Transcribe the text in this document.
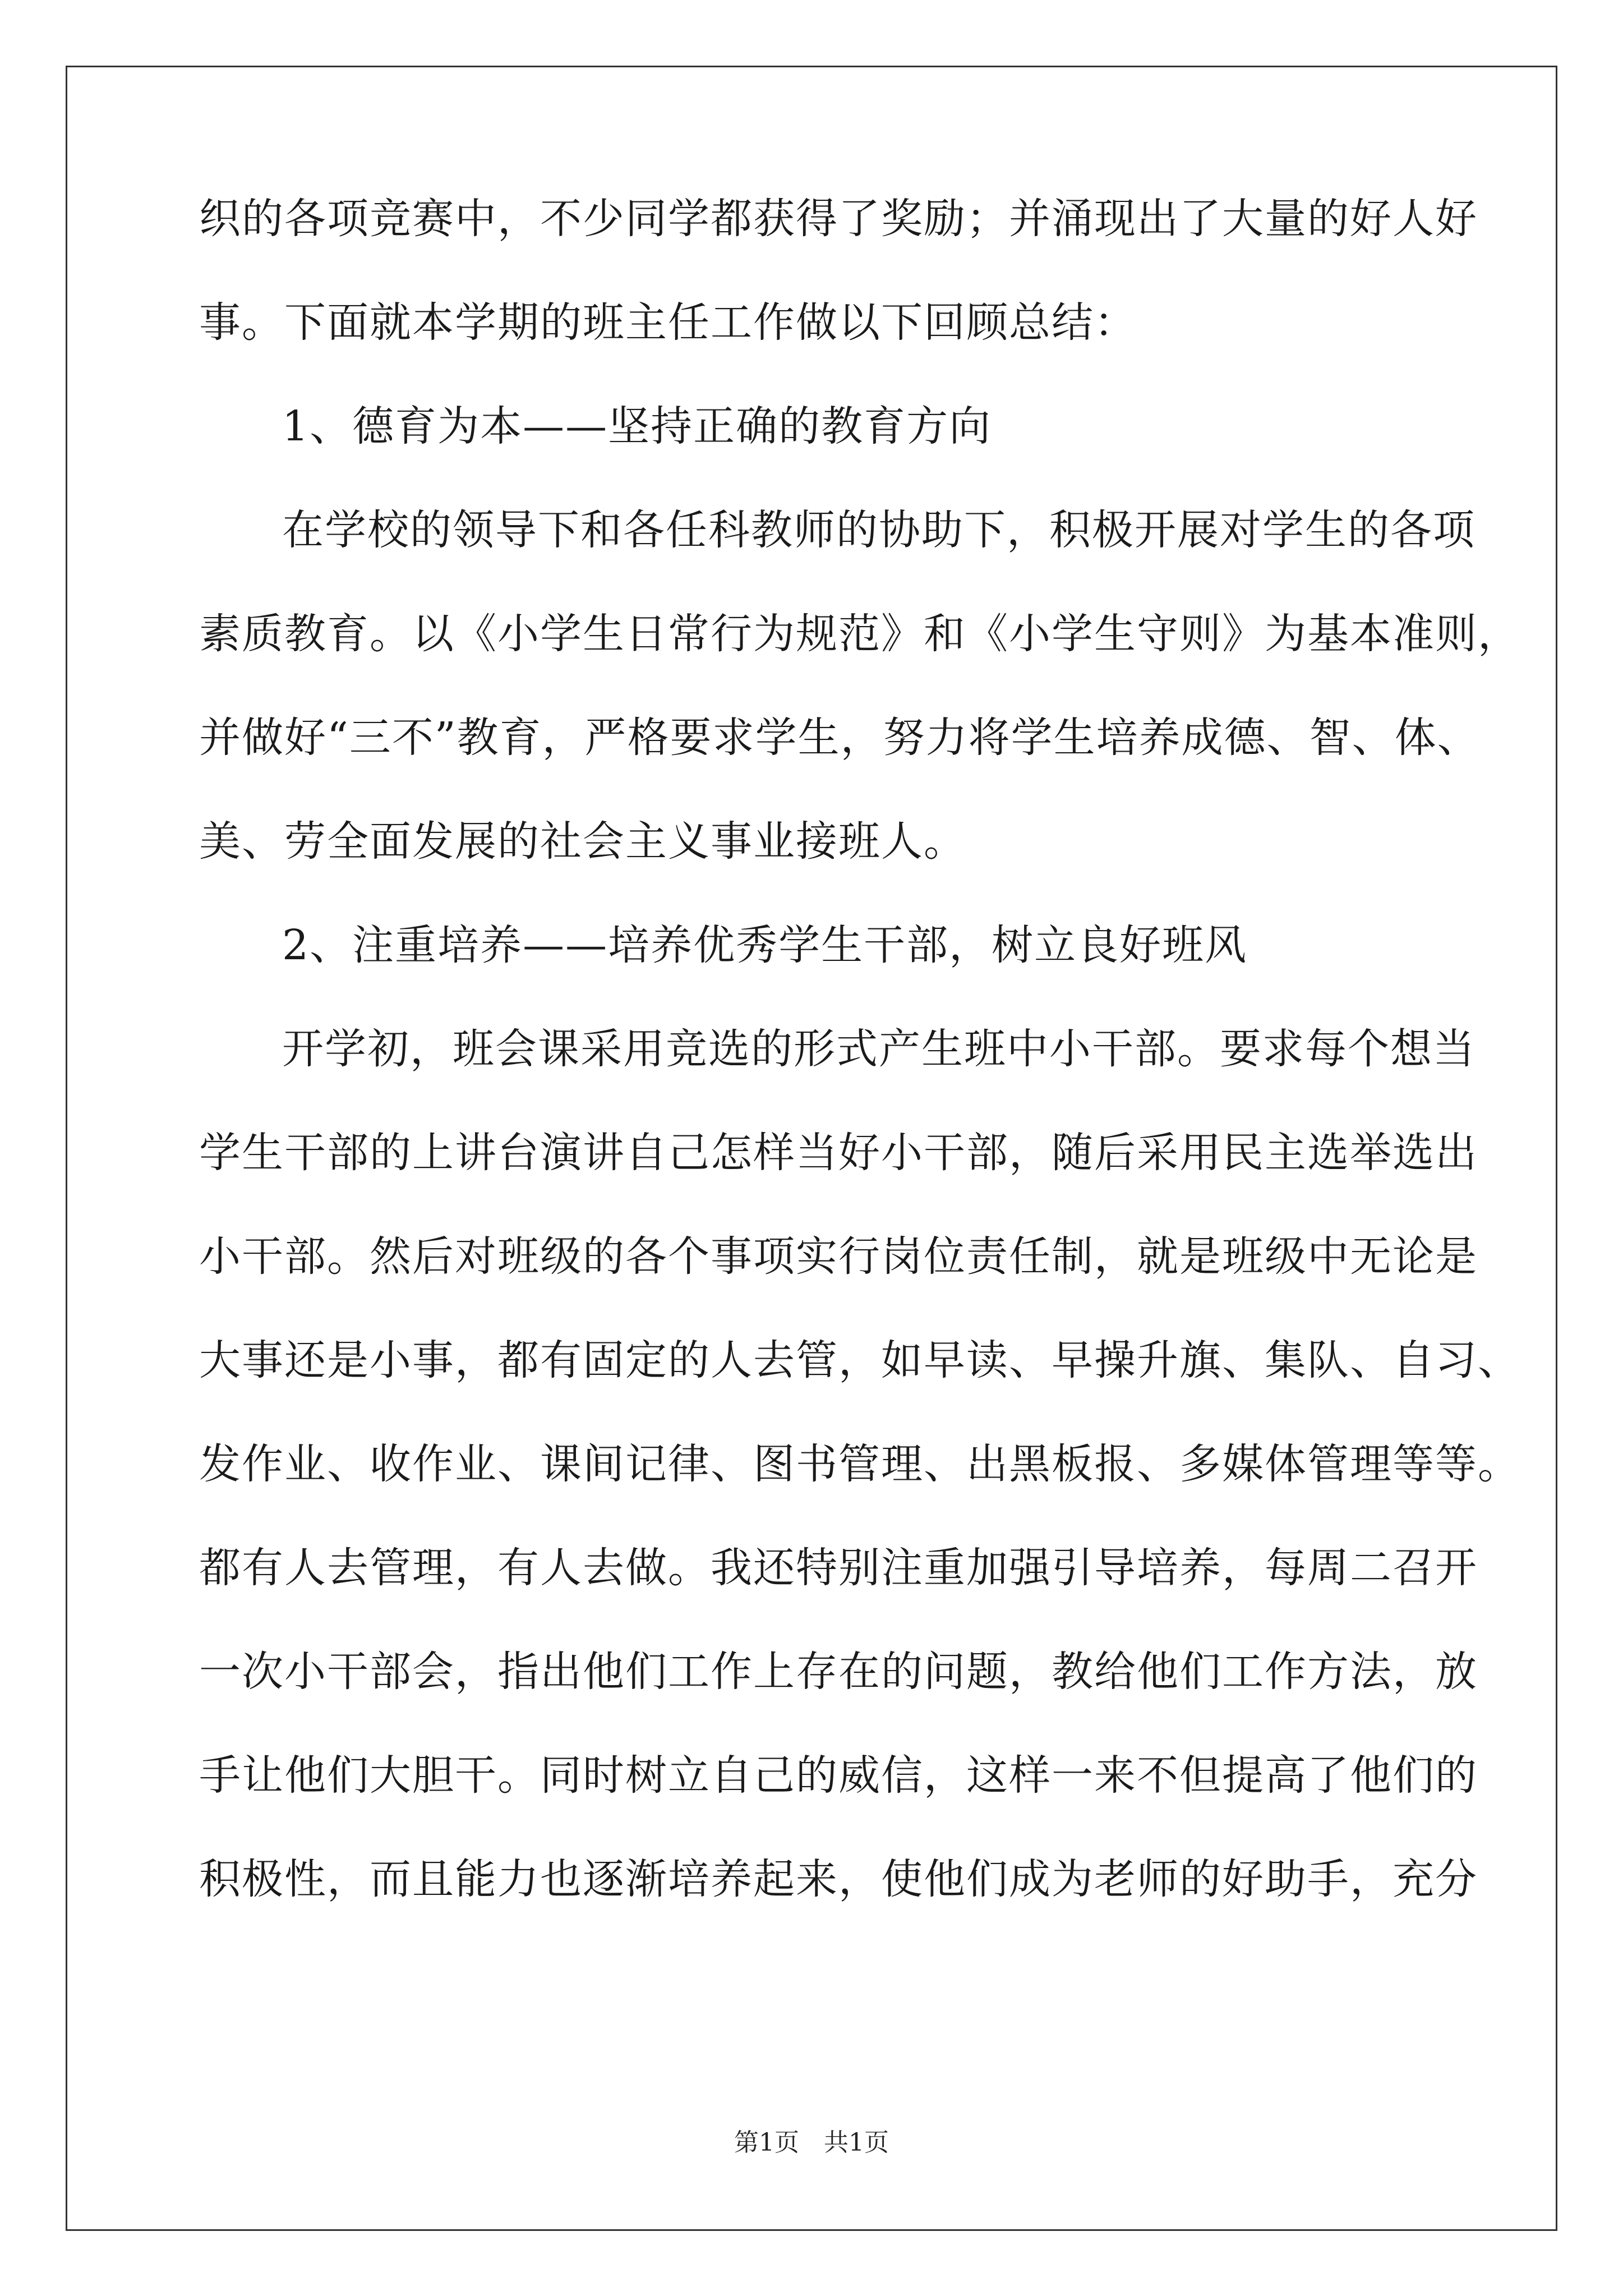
织的各项竞赛中，不少同学都获得了奖励；并涌现出了大量的好人好
事。下面就本学期的班主任工作做以下回顾总结：
1、德育为本——坚持正确的教育方向
在学校的领导下和各任科教师的协助下，积极开展对学生的各项
素质教育。以《小学生日常行为规范》和《小学生守则》为基本准则，
并做好“三不”教育，严格要求学生，努力将学生培养成德、智、体、
美、劳全面发展的社会主义事业接班人。
2、注重培养——培养优秀学生干部，树立良好班风
开学初，班会课采用竞选的形式产生班中小干部。要求每个想当
学生干部的上讲台演讲自己怎样当好小干部，随后采用民主选举选出
小干部。然后对班级的各个事项实行岗位责任制，就是班级中无论是
大事还是小事，都有固定的人去管，如早读、早操升旗、集队、自习、
发作业、收作业、课间记律、图书管理、出黑板报、多媒体管理等等。
都有人去管理，有人去做。我还特别注重加强引导培养，每周二召开
一次小干部会，指出他们工作上存在的问题，教给他们工作方法，放
手让他们大胆干。同时树立自己的威信，这样一来不但提高了他们的
积极性，而且能力也逐渐培养起来，使他们成为老师的好助手，充分
第1页　共1页
